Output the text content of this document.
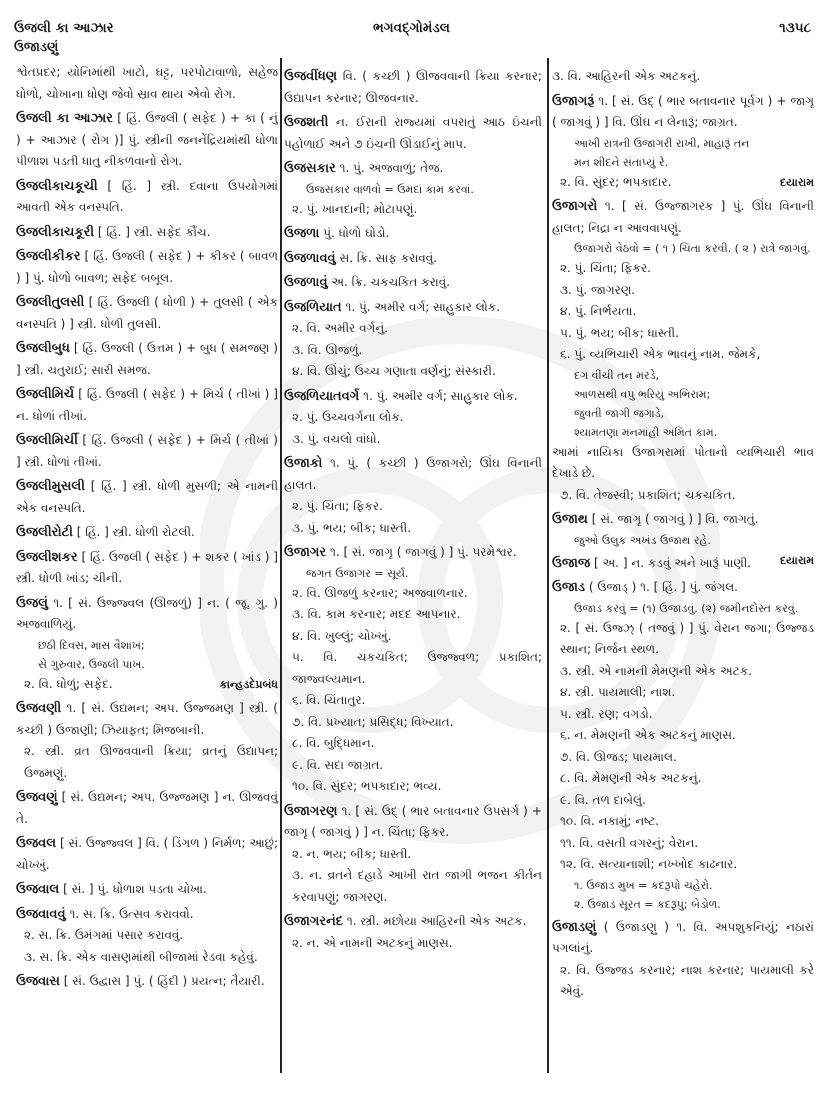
ઉજલી કા આઝાર	ભગવદ્ગોમંડલ	૧૩૫૮
ઉજાડણું
શ્વેતપ્રદર; યોનિમાંથી ખાટો, ઘટ્ટ, પરપોટાવાળો, સહેજ ધોળો, ચોખાના ધોણ જેવો સ્રાવ થાય એવો રોગ.
ઉજલી કા આઝાર [ હિં. ઉજલી ( સફેદ ) + કા ( નું ) + આઝાર ( રોગ )] પું. સ્ત્રીની જનનેંદ્રિયમાંથી ધોળા પીળાશ પડતી ધાતુ નીકળવાનો રોગ.
ઉજલીકાચકૂચી [ હિં. ] સ્ત્રી. દવાના ઉપયોગમાં આવતી એક વનસ્પતિ.
ઉજલીકાચકૂરી [ હિં. ] સ્ત્રી. સફેદ કૌંચ.
ઉજલીકીકર [ હિં. ઉજલી ( સફેદ ) + કીકર ( બાવળ ) ] પું. ધોળો બાવળ; સફેદ બબૂલ.
ઉજલીતુલસી [ હિં. ઉજલી ( ધોળી ) + તુલસી ( એક વનસ્પતિ ) ] સ્ત્રી. ધોળી તુલસી.
ઉજલીબુધ [ હિં. ઉજલી ( ઉત્તમ ) + બુધ ( સમજણ ) ] સ્ત્રી. ચતુરાઈ; સારી સમજ.
ઉજલીમિર્ચ [ હિં. ઉજલી ( સફેદ ) + મિર્ચ ( તીખાં ) ] ન. ધોળાં તીખાં.
ઉજલીમિર્ચી [ હિં. ઉજલી ( સફેદ ) + મિર્ચ ( તીખાં ) ] સ્ત્રી. ધોળાં તીખાં.
ઉજલીમુસલી [ હિં. ] સ્ત્રી. ધોળી મુસળી; એ નામની એક વનસ્પતિ.
ઉજલીરોટી [ હિં. ] સ્ત્રી. ધોળી રોટલી.
ઉજલીશકર [ હિં. ઉજલી ( સફેદ ) + શકર ( ખાંડ ) ] સ્ત્રી. ધોળી ખાંડ; ચીની.
ઉજલું ૧. [ સં. ઉજ્જ્વલ (ઊજળું) ] ન. ( જૂ. ગુ. ) અજવાળિયું.
છઠી દિવસ, માસ વૈશાખ;
સે ગુરુવાર, ઉજલી પાખ.
કાન્હડદેપ્રબંધ
૨. વિ. ધોળું; સફેદ.
ઉજવણી ૧. [ સં. ઉદ્યમન; અપ. ઉજ્જમણ ] સ્ત્રી. ( કચ્છી ) ઉજાણી; ઝિયાફત; મિજબાની.
૨. સ્ત્રી. વ્રત ઊજવવાની ક્રિયા; વ્રતનું ઉદ્યાપન; ઉજમણું.
ઉજવણું [ સં. ઉદ્યમન; અપ. ઉજ્જમણ ] ન. ઊજવવું તે.
ઉજવલ [ સં. ઉજ્જ્વલ ] વિ. ( ડિંગળ ) નિર્મળ; આછું; ચોખ્ખું.
ઉજવાલ [ સં. ] પું. ધોળાશ પડતા ચોખા.
ઉજવાવવું ૧. સ. ક્રિ. ઉત્સવ કરાવવો.
૨. સ. ક્રિ. ઉમંગમાં પસાર કરાવવું.
૩. સ. ક્રિ. એક વાસણમાંથી બીજામાં રેડવા કહેવું.
ઉજવાસ [ સં. ઉદ્વાસ ] પું. ( હિંદી ) પ્રયત્ન; તૈયારી.
ઉજવીંધણ વિ. ( કચ્છી ) ઊજવવાની ક્રિયા કરનાર; ઉદ્યાપન કરનાર; ઊજવનાર.
ઉજશતી ન. ઈરાની રાજ્યમાં વપરાતું આઠ ઇંચની પહોળાઈ અને ૭ ઇંચની ઊંડાઈનું માપ.
ઉજસકાર ૧. પું. અજવાળું; તેજ.
ઉજસકાર વાળવો = ઉમદાં કામ કરવાં.
૨. પું. ખાનદાની; મોટાપણું.
ઉજળા પું. ધોળો ઘોડો.
ઉજળાવવું સ. ક્રિ. સાફ કરાવવું.
ઉજળાવું અ. ક્રિ. ચકચકિત કરાવું.
ઉજળિયાત ૧. પું. અમીર વર્ગ; સાહુકાર લોક.
૨. વિ. અમીર વર્ગનું.
૩. વિ. ઊજળું.
૪. વિ. ઊંચું; ઉચ્ચ ગણાતા વર્ણનું; સંસ્કારી.
ઉજળિયાતવર્ગ ૧. પું. અમીર વર્ગ; સાહુકાર લોક.
૨. પું. ઉચ્ચવર્ગના લોક.
૩. પું. વચલો વાંધો.
ઉજાકો ૧. પું. ( કચ્છી ) ઉજાગરો; ઊંઘ વિનાની હાલત.
૨. પું. ચિંતા; ફિકર.
૩. પું. ભય; બીક; ધાસ્તી.
ઉજાગર ૧. [ સં. જાગૃ ( જાગવું ) ] પું. પરમેશ્વર.
જગત ઉજાગર = સૂર્ય.
૨. વિ. ઊજળું કરનાર; અજવાળનાર.
૩. વિ. કામ કરનાર; મદદ આપનાર.
૪. વિ. ખુલ્લું; ચોખ્ખું.
૫. વિ. ચકચકિત; ઉજ્જ્વળ; પ્રકાશિત; જાજ્વલ્યમાન.
૬. વિ. ચિંતાતુર.
૭. વિ. પ્રખ્યાત; પ્રસિદ્ધ; વિખ્યાત.
૮. વિ. બુદ્ધિમાન.
૯. વિ. સદા જાગ્રત.
૧૦. વિ. સુંદર; ભપકાદાર; ભવ્ય.
ઉજાગરણ ૧. [ સં. ઉદ્ ( ભાર બતાવનાર ઉપસર્ગ ) + જાગૃ ( જાગવું ) ] ન. ચિંતા; ફિકર.
૨. ન. ભય; બીક; ધાસ્તી.
૩. ન. વ્રતને દહાડે આખી રાત જાગી ભજન કીર્તન કરવાપણું; જાગરણ.
ઉજાગરનંદ ૧. સ્ત્રી. મછોયા આહિરની એક અટક.
૨. ન. એ નામની અટકનું માણસ.
૩. વિ. આહિરની એક અટકનું.
ઉજાગરૂં ૧. [ સં. ઉદ્ ( ભાર બતાવનાર પૂર્વગ ) + જાગૃ ( જાગવું ) ] વિ. ઊંઘ ન લેનારૂં; જાગ્રત.
આખી રાત્રની ઉજાગરી રાખી, માહારૂં તન
મન શીદને સંતાપ્યું રે.
દયારામ
૨. વિ. સુંદર; ભપકાદાર.
ઉજાગરો ૧. [ સં. ઉજ્જાગરક ] પું. ઊંઘ વિનાની હાલત; નિદ્રા ન આવવાપણું.
ઉજાગરો વેઠવો = ( ૧ ) ચિંતા કરવી. ( ૨ ) રાત્રે જાગવું.
૨. પું. ચિંતા; ફિકર.
૩. પું. જાગરણ.
૪. પું. નિર્ભયતા.
૫. પું. ભય; બીક; ધાસ્તી.
૬. પું. વ્યભિચારી એક ભાવનું નામ. જેમકે,
દગ વીંચી તન મરડે,
આળસથી વપુ ભરિયું અભિરામ;
જુવતી જાગી જગાડે,
શ્યામતણા મનમાંહી અમિત કામ.
આમાં નાયિકા ઉજાગરામાં પોતાનો વ્યભિચારી ભાવ દેખાડે છે.
૭. વિ. તેજસ્વી; પ્રકાશિત; ચકચકિત.
ઉજાથ [ સં. જાગૃ ( જાગવું ) ] વિ. જાગતું.
જુઓ ઉલુક અખંડ ઉજાથ રહે.
દયારામ
ઉજાજ [ અ. ] ન. કડવું અને ખારૂં પાણી.
ઉજાડ ( ઉજાડ્ ) ૧. [ હિં. ] પું. જંગલ.
ઉજાડ કરવું = (૧) ઉજાડવું. (૨) જમીનદોસ્ત કરવું.
૨. [ સં. ઉજ્ઝ્ ( તજવું ) ] પું. વેરાન જગા; ઉજ્જડ સ્થાન; નિર્જન સ્થળ.
૩. સ્ત્રી. એ નામની મેમણની એક અટક.
૪. સ્ત્રી. પાયમાલી; નાશ.
૫. સ્ત્રી. રણ; વગડો.
૬. ન. મેમણની એક અટકનું માણસ.
૭. વિ. ઊજડ; પાયમાલ.
૮. વિ. મેમણની એક અટકનું.
૯. વિ. તળ દાબેલું.
૧૦. વિ. નકામું; નષ્ટ.
૧૧. વિ. વસતી વગરનું; વેરાન.
૧૨. વિ. સત્યાનાશી; નખ્ખોદ કાઢનાર.
૧. ઉજાડ મુખ = કદરૂપો ચહેરો.
૨. ઉજાડ સૂરત = કદરૂપું; બેડોળ.
ઉજાડણું ( ઉજાડણુ ) ૧. વિ. અપશુકનિયું; નઠારાં પગલાંનું.
૨. વિ. ઉજ્જડ કરનાર; નાશ કરનાર; પાયમાલી કરે એવું.
